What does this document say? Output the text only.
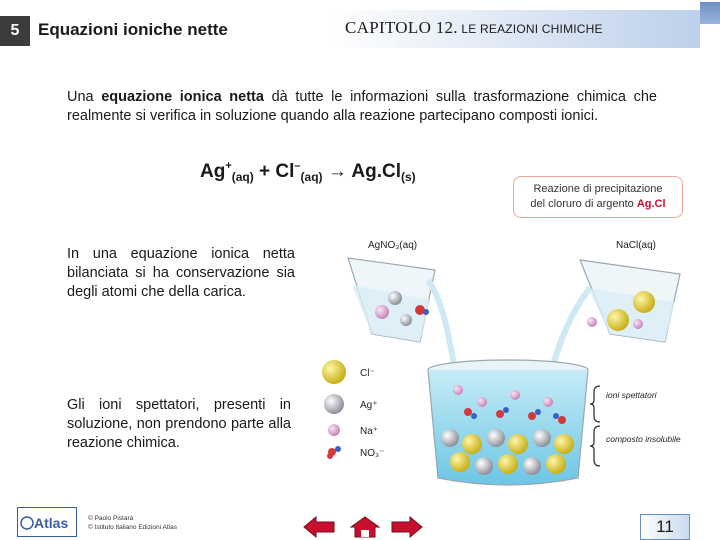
5	Equazioni ioniche nette	CAPITOLO 12. LE REAZIONI CHIMICHE

Una equazione ionica netta dà tutte le informazioni sulla trasformazione chimica che realmente si verifica in soluzione quando alla reazione partecipano composti ionici.

$Ag^+_{(aq)} + Cl^-_{(aq)} \to Ag.Cl_{(s)}$
Reazione di precipitazione
del cloruro di argento Ag.Cl

In una equazione ionica netta bilanciata si ha conservazione sia degli atomi che della carica.

Gli ioni spettatori, presenti in soluzione, non prendono parte alla reazione chimica.

AgNO₃(aq)	NaCl(aq)
Cl⁻
Ag⁺
Na⁺
NO₃⁻
ioni spettatori
composto insolubile
Atlas	© Paolo Pistarà
© Istituto Italiano Edizioni Atlas	11
